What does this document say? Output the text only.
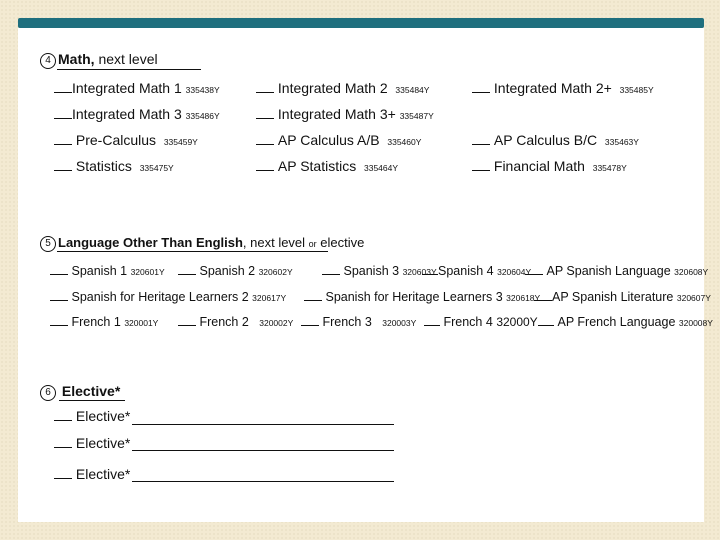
4 Math, next level
Integrated Math 1 335438Y	Integrated Math 2 335484Y	Integrated Math 2+ 335485Y
Integrated Math 3 335486Y	Integrated Math 3+ 335487Y
Pre-Calculus 335459Y	AP Calculus A/B 335460Y	AP Calculus B/C 335463Y
Statistics 335475Y	AP Statistics 335464Y	Financial Math 335478Y
5 Language Other Than English, next level or elective
Spanish 1 320601Y	Spanish 2 320602Y	Spanish 3 320603Y Spanish 4 320604Y	AP Spanish Language 320608Y
Spanish for Heritage Learners 2 320617Y	Spanish for Heritage Learners 3 320618Y AP Spanish Literature 320607Y
French 1 320001Y	French 2 320002Y	French 3 320003Y	French 4 32000Y	AP French Language 320008Y
6 Elective*
Elective*
Elective*
Elective*
